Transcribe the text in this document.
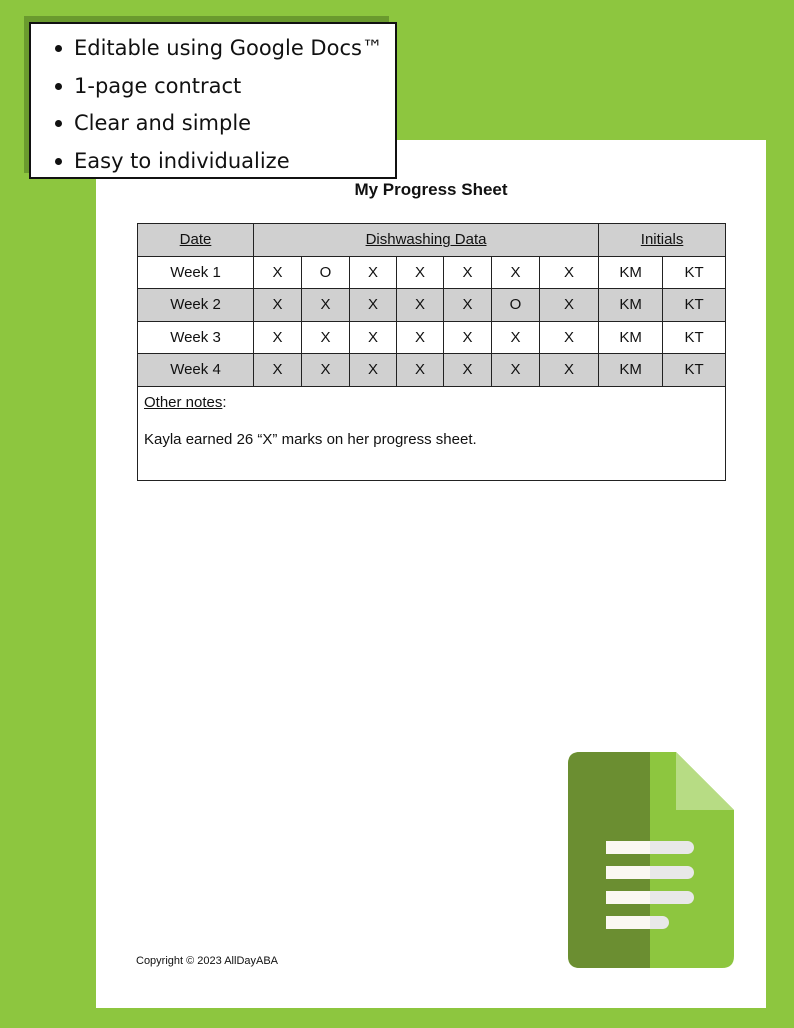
Editable using Google Docs™
1-page contract
Clear and simple
Easy to individualize
My Progress Sheet
Date	Dishwashing Data							Initials	
Week 1	X	O	X	X	X	X	X	KM	KT
Week 2	X	X	X	X	X	O	X	KM	KT
Week 3	X	X	X	X	X	X	X	KM	KT
Week 4	X	X	X	X	X	X	X	KM	KT
Other notes:
Kayla earned 26 “X” marks on her progress sheet.									
Copyright © 2023 AllDayABA
